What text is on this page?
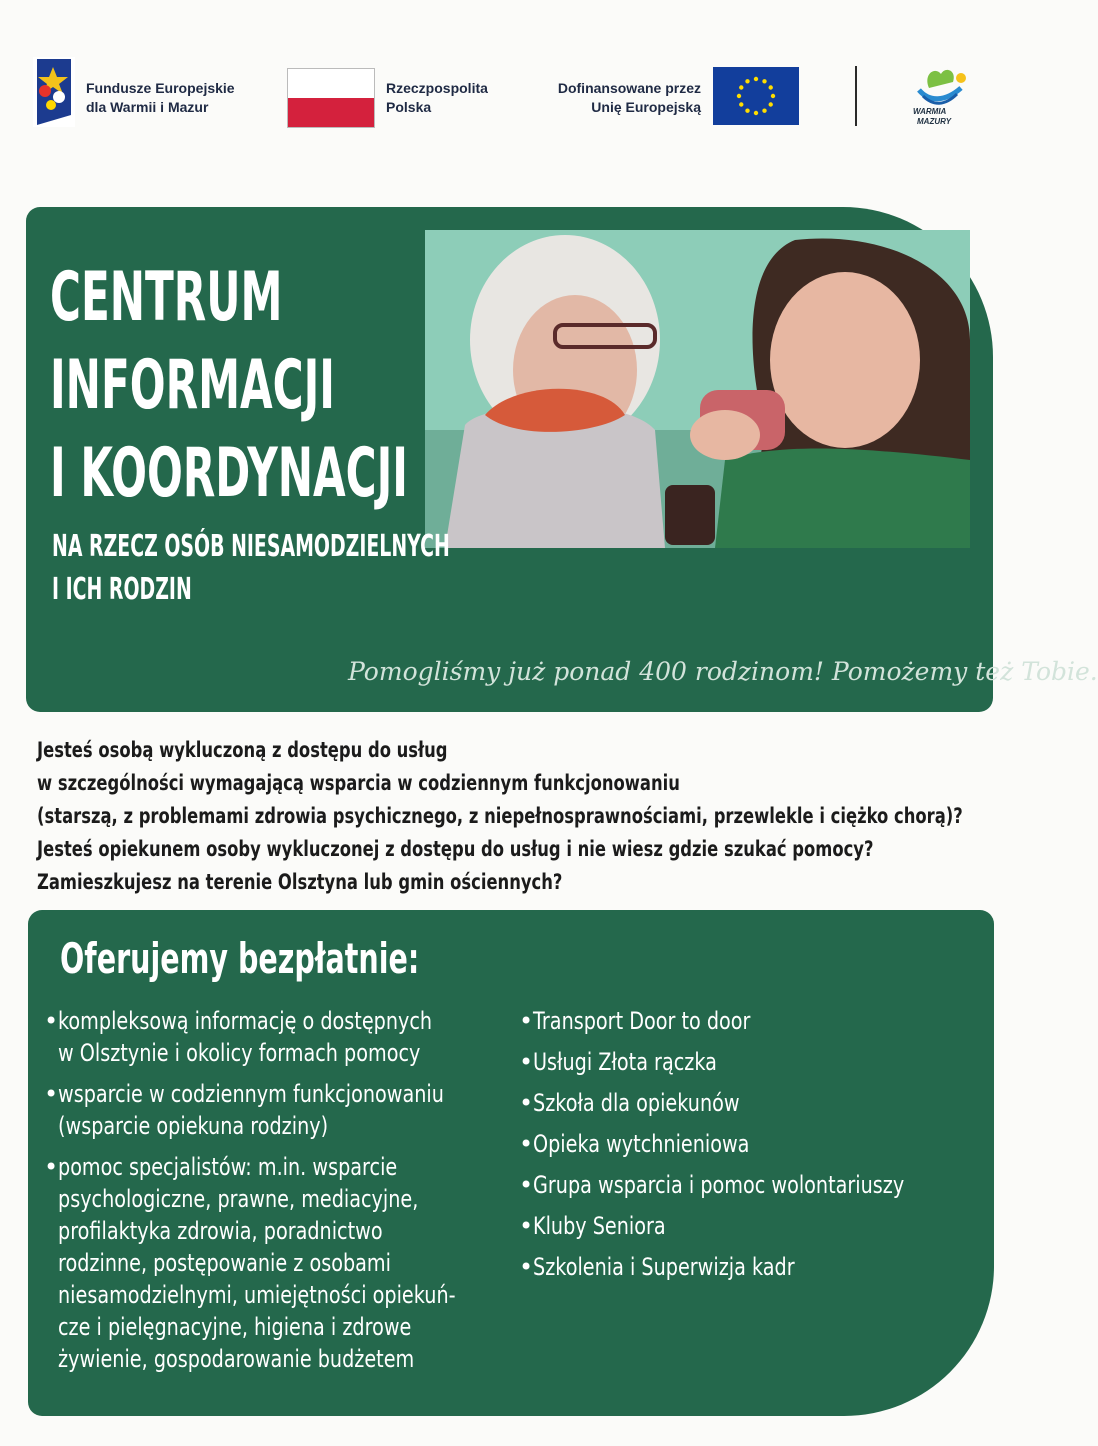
Fundusze Europejskie
dla Warmii i Mazur
Rzeczpospolita
Polska
Dofinansowane przez
Unię Europejską	WARMIA
MAZURY
CENTRUM
INFORMACJI
I KOORDYNACJI
NA RZECZ OSÓB NIESAMODZIELNYCH
I ICH RODZIN
Pomogliśmy już ponad 400 rodzinom! Pomożemy też Tobie.

Jesteś osobą wykluczoną z dostępu do usług

w szczególności wymagającą wsparcia w codziennym funkcjonowaniu

(starszą, z problemami zdrowia psychicznego, z niepełnosprawnościami, przewlekle i ciężko chorą)?

Jesteś opiekunem osoby wykluczonej z dostępu do usług i nie wiesz gdzie szukać pomocy?

Zamieszkujesz na terenie Olsztyna lub gmin ościennych?

Oferujemy bezpłatnie:
• kompleksową informację o dostępnych
w Olsztynie i okolicy formach pomocy
• wsparcie w codziennym funkcjonowaniu
(wsparcie opiekuna rodziny)
• pomoc specjalistów: m.in. wsparcie
psychologiczne, prawne, mediacyjne,
profilaktyka zdrowia, poradnictwo
rodzinne, postępowanie z osobami
niesamodzielnymi, umiejętności opiekuń-
cze i pielęgnacyjne, higiena i zdrowe
żywienie, gospodarowanie budżetem
• Transport Door to door
• Usługi Złota rączka
• Szkoła dla opiekunów
• Opieka wytchnieniowa
• Grupa wsparcia i pomoc wolontariuszy
• Kluby Seniora
• Szkolenia i Superwizja kadr
